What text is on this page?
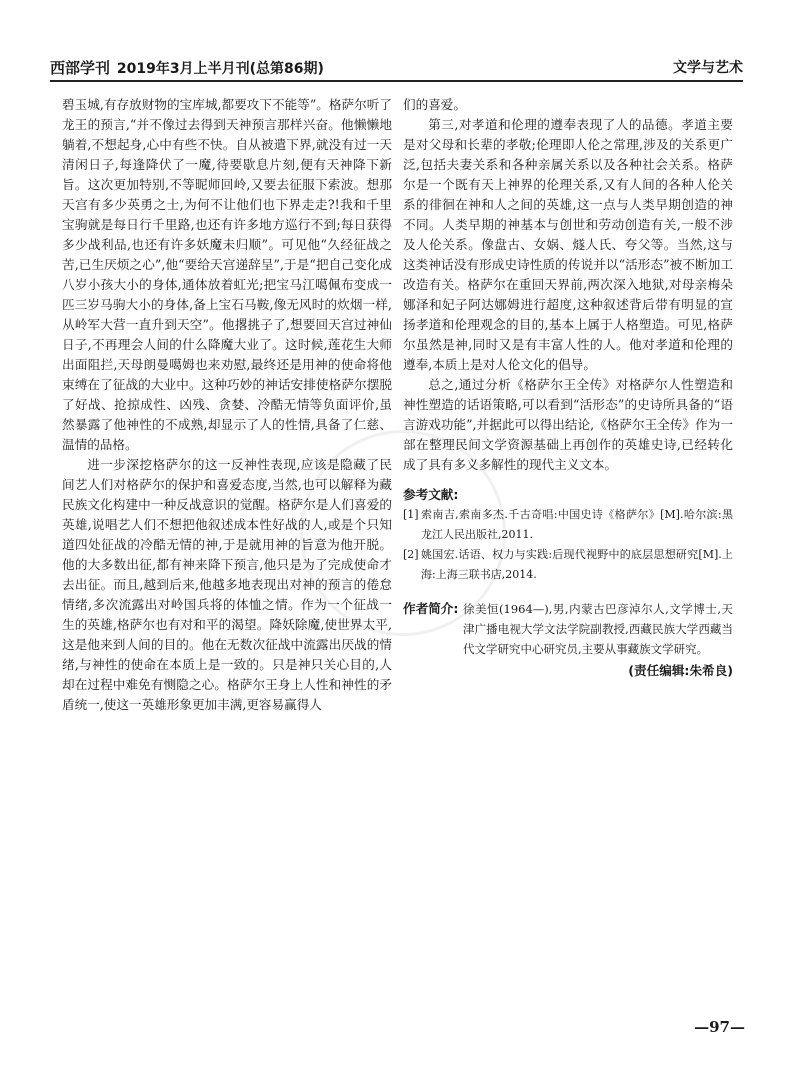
西部学刊 2019年3月上半月刊(总第86期)	文学与艺术

碧玉城,有存放财物的宝库城,都要攻下不能等”。格萨尔听了龙王的预言,“并不像过去得到天神预言那样兴奋。他懒懒地躺着,不想起身,心中有些不快。自从被遣下界,就没有过一天清闲日子,每逢降伏了一魔,待要歇息片刻,便有天神降下新旨。这次更加特别,不等昵师回岭,又要去征服下索波。想那天宫有多少英勇之士,为何不让他们也下界走走?!我和千里宝驹就是每日行千里路,也还有许多地方巡行不到;每日获得多少战利品,也还有许多妖魔未归顺”。可见他“久经征战之苦,已生厌烦之心”,他“要给天宫递辞呈”,于是“把自己变化成八岁小孩大小的身体,通体放着虹光;把宝马江噶佩布变成一匹三岁马驹大小的身体,备上宝石马鞍,像无风时的炊烟一样,从岭军大营一直升到天空”。他撂挑子了,想要回天宫过神仙日子,不再理会人间的什么降魔大业了。这时候,莲花生大师出面阻拦,天母朗曼噶姆也来劝慰,最终还是用神的使命将他束缚在了征战的大业中。这种巧妙的神话安排使格萨尔摆脱了好战、抢掠成性、凶残、贪婪、冷酷无情等负面评价,虽然暴露了他神性的不成熟,却显示了人的性情,具备了仁慈、温情的品格。

进一步深挖格萨尔的这一反神性表现,应该是隐藏了民间艺人们对格萨尔的保护和喜爱态度,当然,也可以解释为藏民族文化构建中一种反战意识的觉醒。格萨尔是人们喜爱的英雄,说唱艺人们不想把他叙述成本性好战的人,或是个只知道四处征战的冷酷无情的神,于是就用神的旨意为他开脱。他的大多数出征,都有神来降下预言,他只是为了完成使命才去出征。而且,越到后来,他越多地表现出对神的预言的倦怠情绪,多次流露出对岭国兵将的体恤之情。作为一个征战一生的英雄,格萨尔也有对和平的渴望。降妖除魔,使世界太平,这是他来到人间的目的。他在无数次征战中流露出厌战的情绪,与神性的使命在本质上是一致的。只是神只关心目的,人却在过程中难免有恻隐之心。格萨尔王身上人性和神性的矛盾统一,使这一英雄形象更加丰满,更容易赢得人

们的喜爱。

第三,对孝道和伦理的遵奉表现了人的品德。孝道主要是对父母和长辈的孝敬;伦理即人伦之常理,涉及的关系更广泛,包括夫妻关系和各种亲属关系以及各种社会关系。格萨尔是一个既有天上神界的伦理关系,又有人间的各种人伦关系的徘徊在神和人之间的英雄,这一点与人类早期创造的神不同。人类早期的神基本与创世和劳动创造有关,一般不涉及人伦关系。像盘古、女娲、燧人氏、夸父等。当然,这与这类神话没有形成史诗性质的传说并以“活形态”被不断加工改造有关。格萨尔在重回天界前,两次深入地狱,对母亲梅朵娜泽和妃子阿达娜姆进行超度,这种叙述背后带有明显的宣扬孝道和伦理观念的目的,基本上属于人格塑造。可见,格萨尔虽然是神,同时又是有丰富人性的人。他对孝道和伦理的遵奉,本质上是对人伦文化的倡导。

总之,通过分析《格萨尔王全传》对格萨尔人性塑造和神性塑造的话语策略,可以看到“活形态”的史诗所具备的“语言游戏功能”,并据此可以得出结论,《格萨尔王全传》作为一部在整理民间文学资源基础上再创作的英雄史诗,已经转化成了具有多义多解性的现代主义文本。

参考文献:
[1] 索南吉,索南多杰.千古奇唱:中国史诗《格萨尔》[M].哈尔滨:黑龙江人民出版社,2011.
[2] 姚国宏.话语、权力与实践:后现代视野中的底层思想研究[M].上海:上海三联书店,2014.
作者简介: 徐美恒(1964—),男,内蒙古巴彦淖尔人,文学博士,天津广播电视大学文法学院副教授,西藏民族大学西藏当代文学研究中心研究员,主要从事藏族文学研究。
(责任编辑:朱希良)
—97—
